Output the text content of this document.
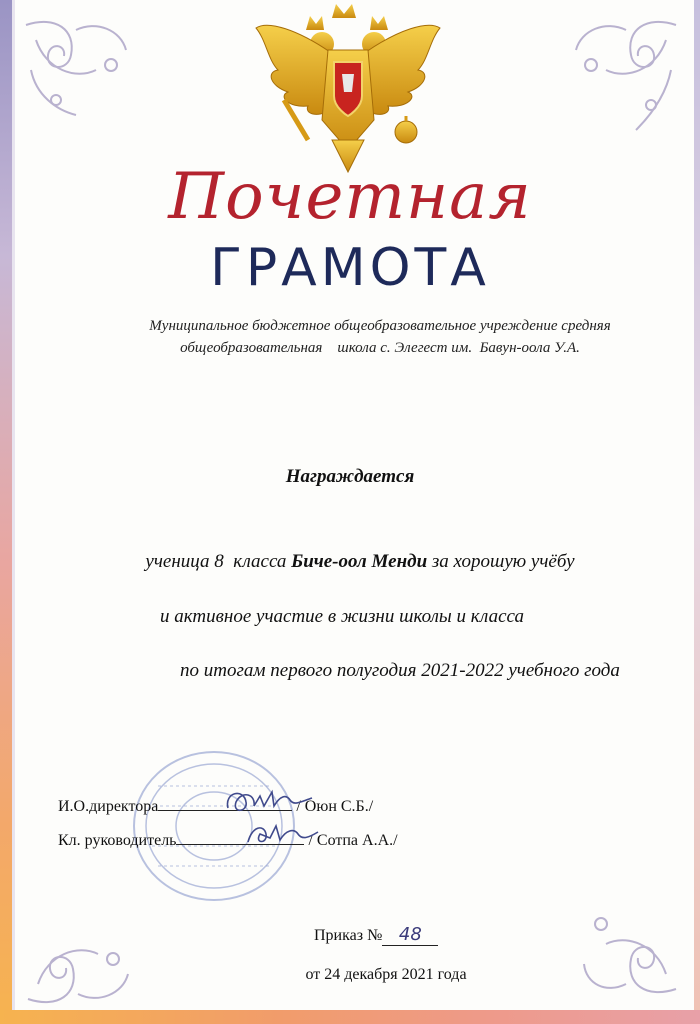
Почетная
ГРАМОТА
Муниципальное бюджетное общеобразовательное учреждение средняя
общеобразовательная    школа с. Элегест им.  Бавун-оола У.А.
Награждается
ученица 8  класса Биче-оол Менди за хорошую учёбу
и активное участие в жизни школы и класса
по итогам первого полугодия 2021-2022 учебного года
И.О.директора	/ Оюн С.Б./
Кл. руководитель	/ Сотпа А.А./
Приказ № 48
от 24 декабря 2021 года
